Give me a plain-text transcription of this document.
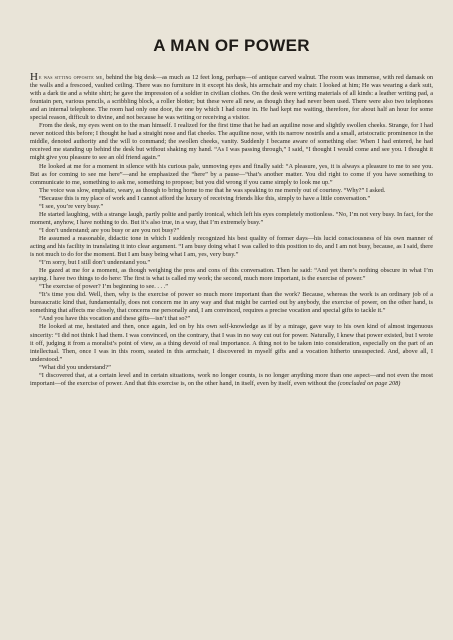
A MAN OF POWER

He was sitting opposite me, behind the big desk—as much as 12 feet long, perhaps—of antique carved walnut. The room was immense, with red damask on the walls and a frescoed, vaulted ceiling. There was no furniture in it except his desk, his armchair and my chair. I looked at him; He was wearing a dark suit, with a dark tie and a white shirt; he gave the impression of a soldier in civilian clothes. On the desk were writing materials of all kinds: a leather writing pad, a fountain pen, various pencils, a scribbling block, a roller blotter; but these were all new, as though they had never been used. There were also two telephones and an internal telephone. The room had only one door, the one by which I had come in. He had kept me waiting, therefore, for about half an hour for some special reason, difficult to divine, and not because he was writing or receiving a visitor.

From the desk, my eyes went on to the man himself. I realized for the first time that he had an aquiline nose and slightly swollen cheeks. Strange, for I had never noticed this before; I thought he had a straight nose and flat cheeks. The aquiline nose, with its narrow nostrils and a small, aristocratic prominence in the middle, denoted authority and the will to command; the swollen cheeks, vanity. Suddenly I became aware of something else: When I had entered, he had received me standing up behind the desk but without shaking my hand. “As I was passing through,” I said, “I thought I would come and see you. I thought it might give you pleasure to see an old friend again.”

He looked at me for a moment in silence with his curious pale, unmoving eyes and finally said: “A pleasure, yes, it is always a pleasure to me to see you. But as for coming to see me here”—and he emphasized the “here” by a pause—“that’s another matter. You did right to come if you have something to communicate to me, something to ask me, something to propose; but you did wrong if you came simply to look me up.”

The voice was slow, emphatic, weary, as though to bring home to me that he was speaking to me merely out of courtesy. “Why?” I asked.

“Because this is my place of work and I cannot afford the luxury of receiving friends like this, simply to have a little conversation.”

“I see, you’re very busy.”

He started laughing, with a strange laugh, partly polite and partly ironical, which left his eyes completely motionless. “No, I’m not very busy. In fact, for the moment, anyhow, I have nothing to do. But it’s also true, in a way, that I’m extremely busy.”

“I don’t understand; are you busy or are you not busy?”

He assumed a reasonable, didactic tone in which I suddenly recognized his best quality of former days—his lucid consciousness of his own manner of acting and his facility in translating it into clear argument. “I am busy doing what I was called to this position to do, and I am not busy, because, as I said, there is not much to do for the moment. But I am busy being what I am, yes, very busy.”

“I’m sorry, but I still don’t understand you.”

He gazed at me for a moment, as though weighing the pros and cons of this conversation. Then he said: “And yet there’s nothing obscure in what I’m saying. I have two things to do here: The first is what is called my work; the second, much more important, is the exercise of power.”

“The exercise of power? I’m beginning to see. . . .”

“It’s time you did. Well, then, why is the exercise of power so much more important than the work? Because, whereas the work is an ordinary job of a bureaucratic kind that, fundamentally, does not concern me in any way and that might be carried out by anybody, the exercise of power, on the other hand, is something that affects me closely, that concerns me personally and, I am convinced, requires a precise vocation and special gifts to tackle it.”

“And you have this vocation and these gifts—isn’t that so?”

He looked at me, hesitated and then, once again, led on by his own self-knowledge as if by a mirage, gave way to his own kind of almost ingenuous sincerity: “I did not think I had them. I was convinced, on the contrary, that I was in no way cut out for power. Naturally, I knew that power existed, but I wrote it off, judging it from a moralist’s point of view, as a thing devoid of real importance. A thing not to be taken into consideration, especially on the part of an intellectual. Then, once I was in this room, seated in this armchair, I discovered in myself gifts and a vocation hitherto unsuspected. And, above all, I understood.”

“What did you understand?”

“I discovered that, at a certain level and in certain situations, work no longer counts, is no longer anything more than one aspect—and not even the most important—of the exercise of power. And that this exercise is, on the other hand, in itself, even by itself, even without the (concluded on page 208)
